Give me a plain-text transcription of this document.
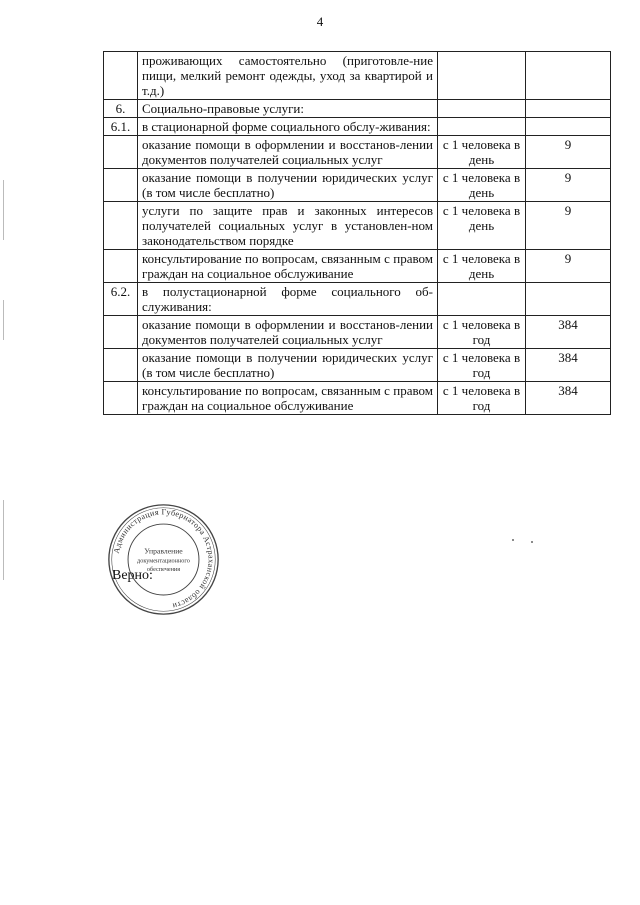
4
	проживающих самостоятельно (приготовле-ние пищи, мелкий ремонт одежды, уход за квартирой и т.д.)		
6.	Социально-правовые услуги:		
6.1.	в стационарной форме социального обслу-живания:		
	оказание помощи в оформлении и восстанов-лении документов получателей социальных услуг	с 1 человека в день	9
	оказание помощи в получении юридических услуг (в том числе бесплатно)	с 1 человека в день	9
	услуги по защите прав и законных интересов получателей социальных услуг в установлен-ном законодательством порядке	с 1 человека в день	9
	консультирование по вопросам, связанным с правом граждан на социальное обслуживание	с 1 человека в день	9
6.2.	в полустационарной форме социального об-служивания:		
	оказание помощи в оформлении и восстанов-лении документов получателей социальных услуг	с 1 человека в год	384
	оказание помощи в получении юридических услуг (в том числе бесплатно)	с 1 человека в год	384
	консультирование по вопросам, связанным с правом граждан на социальное обслуживание	с 1 человека в год	384
Администрация Губернатора Астраханской области
Управление
документационного
обеспечения
Верно:
